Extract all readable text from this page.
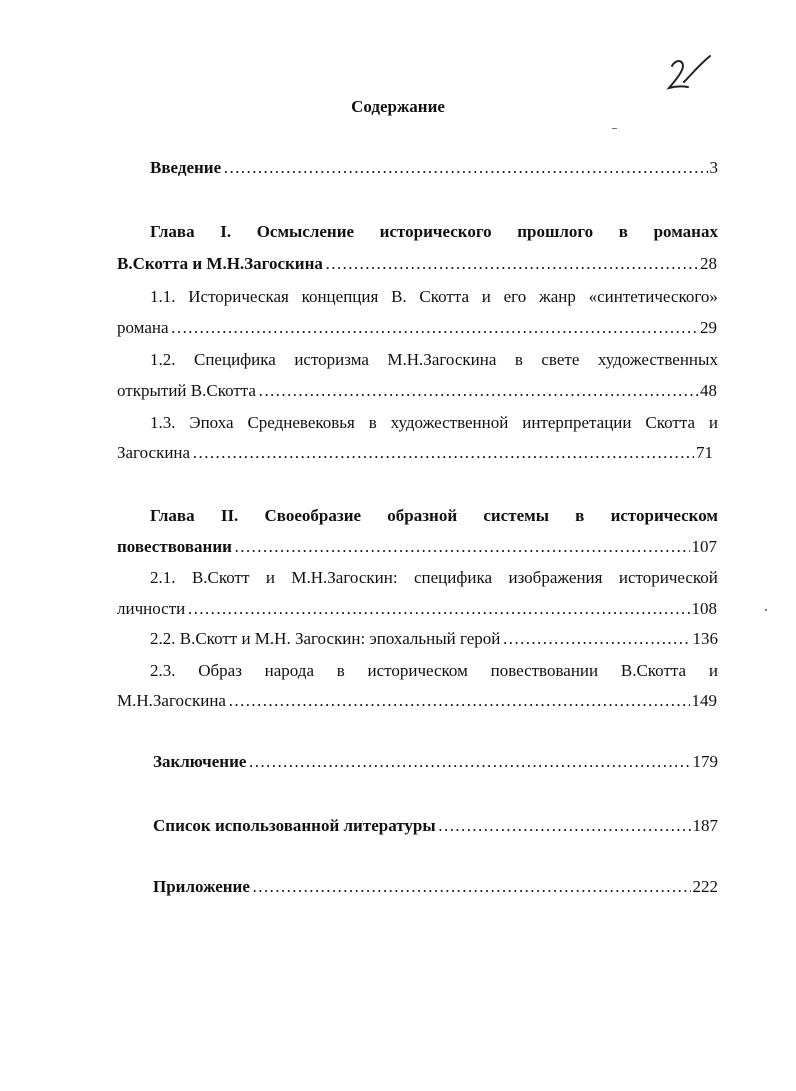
Содержание
Введение …………………………………………………………………………………………………………………………………………………………	3
Глава I. Осмысление исторического прошлого в романах
В.Скотта и М.Н.Загоскина …………………………………………………………………………………………………………………………………………………………	28
1.1. Историческая концепция В. Скотта и его жанр «синтетического»
романа …………………………………………………………………………………………………………………………………………………………	29
1.2. Специфика историзма М.Н.Загоскина в свете художественных
открытий В.Скотта …………………………………………………………………………………………………………………………………………………………	48
1.3. Эпоха Средневековья в художественной интерпретации Скотта и
Загоскина …………………………………………………………………………………………………………………………………………………………	71
Глава II. Своеобразие образной системы в историческом
повествовании …………………………………………………………………………………………………………………………………………………………	107
2.1. В.Скотт и М.Н.Загоскин: специфика изображения исторической
личности …………………………………………………………………………………………………………………………………………………………	108
2.2. В.Скотт и М.Н. Загоскин: эпохальный герой …………………………………………………………………………………………………………………………………………………………	136
2.3. Образ народа в историческом повествовании В.Скотта и
М.Н.Загоскина …………………………………………………………………………………………………………………………………………………………	149
Заключение …………………………………………………………………………………………………………………………………………………………	179
Список использованной литературы …………………………………………………………………………………………………………………………………………………………	187
Приложение …………………………………………………………………………………………………………………………………………………………	222
